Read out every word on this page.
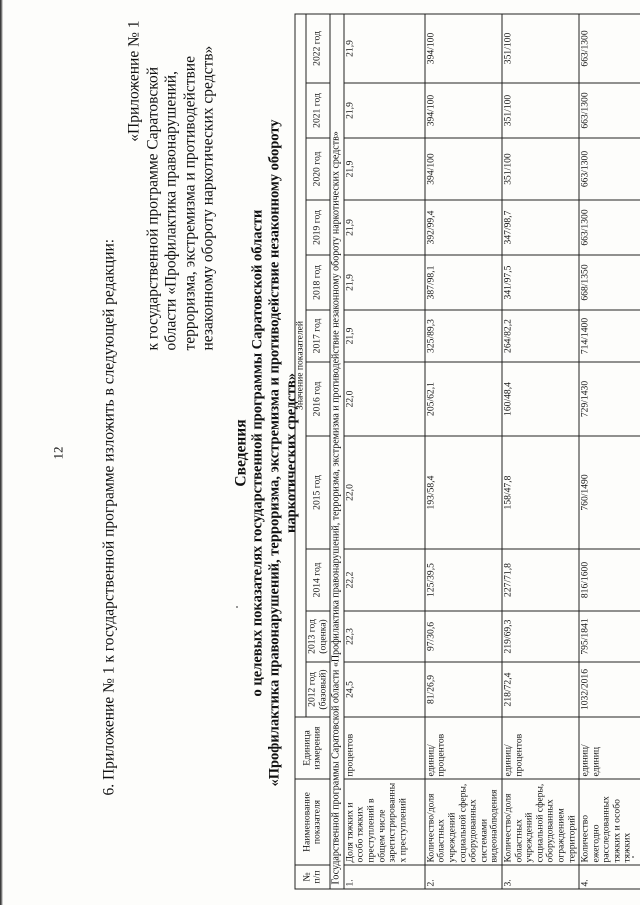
12 6. Приложение № 1 к государственной программе изложить в следующей редакции:
«Приложение № 1 к государственной программе Саратовской области «Профилактика правонарушений, терроризма, экстремизма и противодействие незаконному обороту наркотических средств»
Сведения о целевых показателях государственной программы Саратовской области «Профилактика правонарушений, терроризма, экстремизма и противодействие незаконному обороту наркотических средств»
№ п/п	Наименование показателя	Единица измерения	Значение показателей										
			2012 год (базовый)	2013 год (оценка)	2014 год	2015 год	2016 год	2017 год	2018 год	2019 год	2020 год	2021 год	2022 год
Государственной программы Саратовской области «Профилактика правонарушений, терроризма, экстремизма и противодействие незаконному обороту наркотических средств»													
1.	Доля тяжких и особо тяжких преступлений в общем числе зарегистрированных преступлений	процентов	24,5	22,3	22,2	22,0	22,0	21,9	21,9	21,9	21,9	21,9	21,9
2.	Количество/доля областных учреждений социальной сферы, оборудованных системами видеонаблюдения	единиц/ процентов	81/26,9	97/30,6	125/39,5	193/58,4	205/62,1	325/89,3	387/98,1	392/99,4	394/100	394/100	394/100
3.	Количество/доля областных учреждений социальной сферы, оборудованных ограждением территорий	единиц/ процентов	218/72,4	219/69,3	227/71,8	158/47,8	160/48,4	264/82,2	341/97,5	347/98,7	351/100	351/100	351/100
4.	Количество ежегодно расследованных тяжких и особо тяжких	единиц/ единиц	1032/2016	795/1841	816/1600	760/1490	729/1430	714/1400	668/1350	663/1300	663/1300	663/1300	663/1300
